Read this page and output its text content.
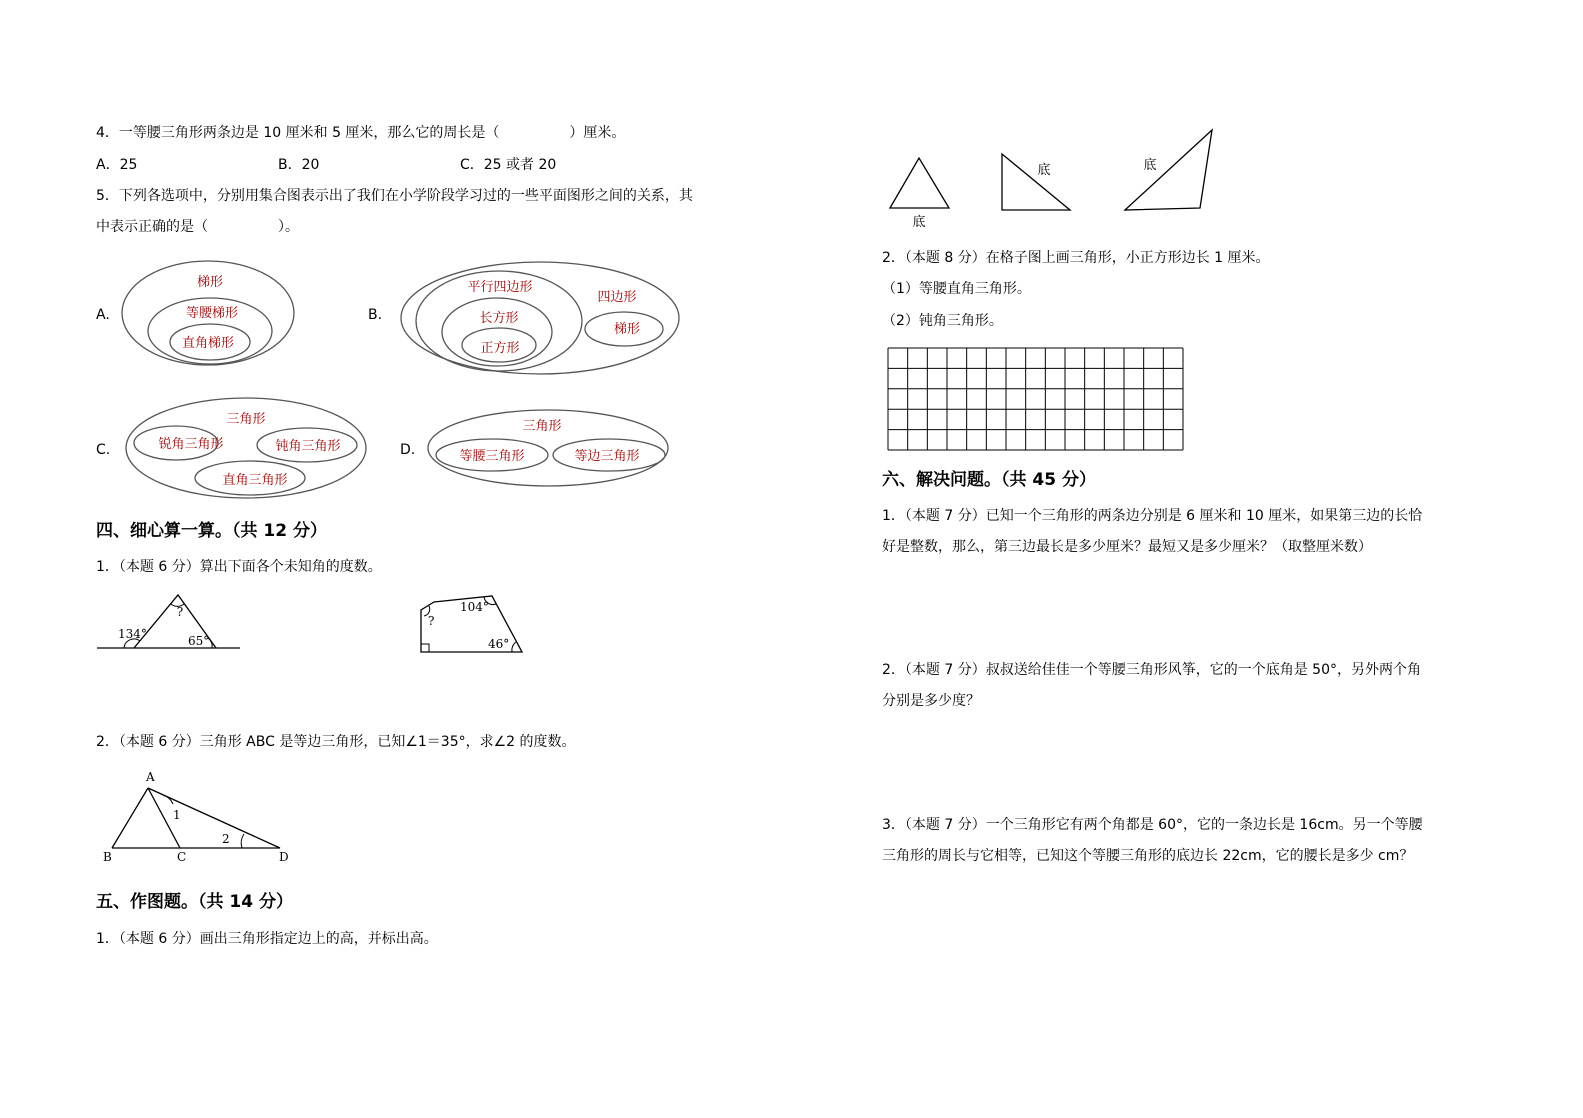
4．一等腰三角形两条边是 10 厘米和 5 厘米，那么它的周长是（　　　　　）厘米。
A．25	B．20	C．25 或者 20
5．下列各选项中，分别用集合图表示出了我们在小学阶段学习过的一些平面图形之间的关系，其
中表示正确的是（　　　　　）。
A.	B.
C.	D.
梯形
等腰梯形
直角梯形
平行四边形
长方形
正方形
四边形
梯形
三角形
锐角三角形	钝角三角形
直角三角形
三角形
等腰三角形	等边三角形
四、细心算一算。（共 12 分）
1．（本题 6 分）算出下面各个未知角的度数。
?
134°	65°
104°
?
46°
2．（本题 6 分）三角形 ABC 是等边三角形，已知∠1＝35°，求∠2 的度数。
A
B	C	D
1
2
五、作图题。（共 14 分）
1．（本题 6 分）画出三角形指定边上的高，并标出高。
底
底	底
2．（本题 8 分）在格子图上画三角形，小正方形边长 1 厘米。
（1）等腰直角三角形。
（2）钝角三角形。
六、解决问题。（共 45 分）
1．（本题 7 分）已知一个三角形的两条边分别是 6 厘米和 10 厘米，如果第三边的长恰
好是整数，那么，第三边最长是多少厘米？最短又是多少厘米？（取整厘米数）
2．（本题 7 分）叔叔送给佳佳一个等腰三角形风筝，它的一个底角是 50°，另外两个角
分别是多少度？
3．（本题 7 分）一个三角形它有两个角都是 60°，它的一条边长是 16cm。另一个等腰
三角形的周长与它相等，已知这个等腰三角形的底边长 22cm，它的腰长是多少 cm？
